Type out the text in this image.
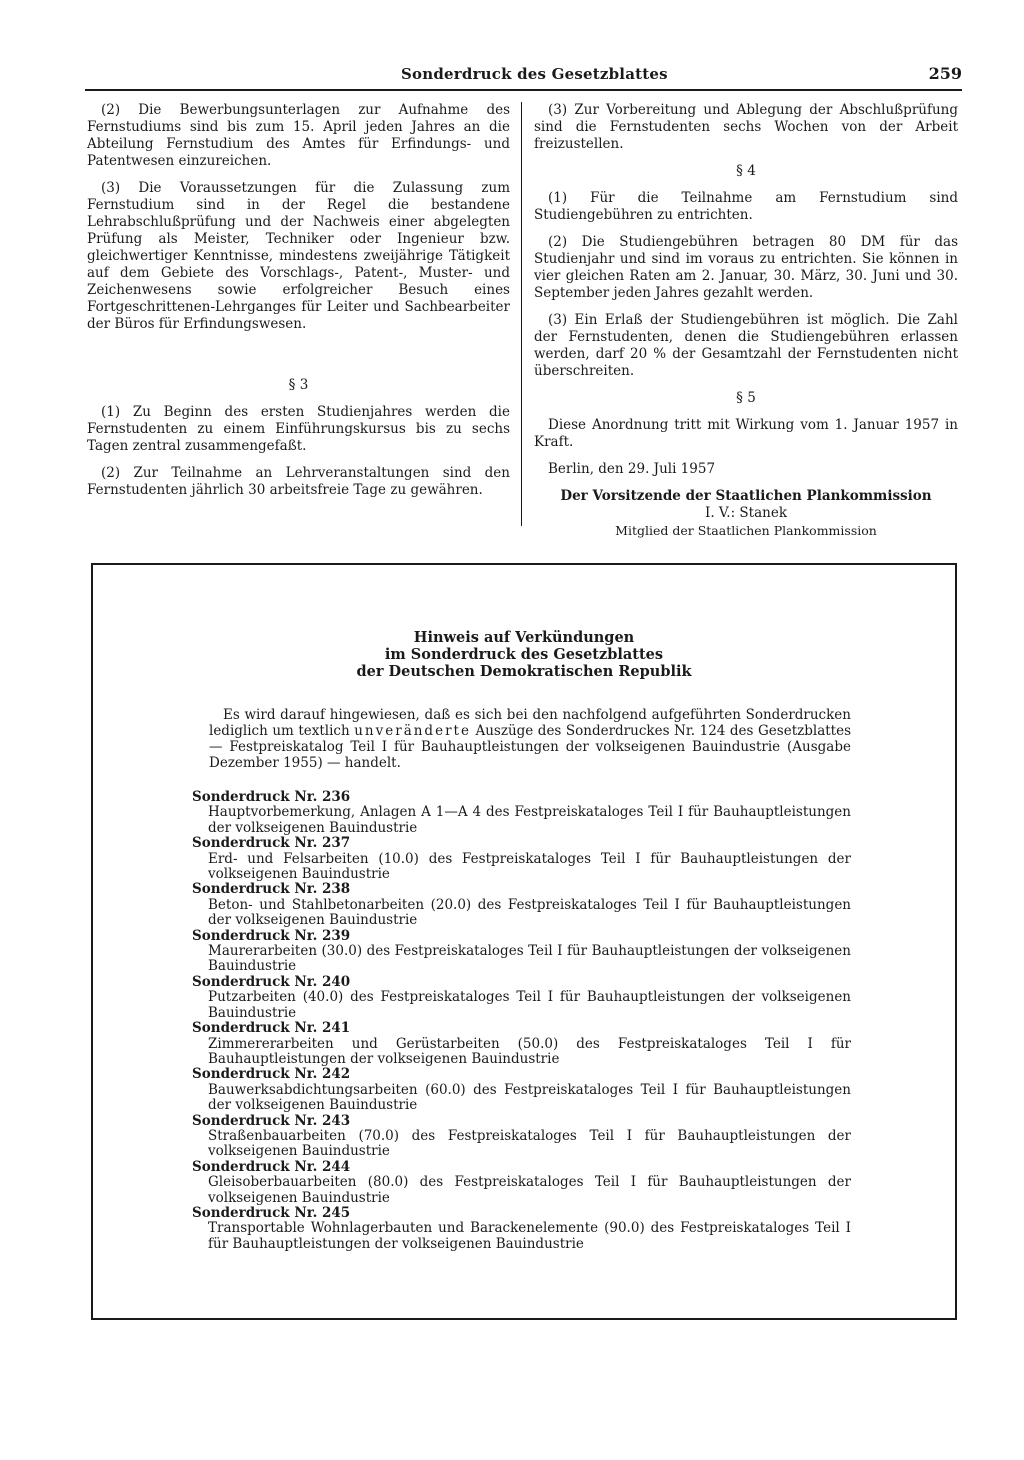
Sonderdruck des Gesetzblattes	259

(2) Die Bewerbungsunterlagen zur Aufnahme des Fernstudiums sind bis zum 15. April jeden Jahres an die Abteilung Fernstudium des Amtes für Erfindungs- und Patentwesen einzureichen.

(3) Die Voraussetzungen für die Zulassung zum Fernstudium sind in der Regel die bestandene Lehrabschlußprüfung und der Nachweis einer abgelegten Prüfung als Meister, Techniker oder Ingenieur bzw. gleichwertiger Kenntnisse, mindestens zweijährige Tätigkeit auf dem Gebiete des Vorschlags-, Patent-, Muster- und Zeichenwesens sowie erfolgreicher Besuch eines Fortgeschrittenen-Lehrganges für Leiter und Sachbearbeiter der Büros für Erfindungswesen.

§ 3

(1) Zu Beginn des ersten Studienjahres werden die Fernstudenten zu einem Einführungskursus bis zu sechs Tagen zentral zusammengefaßt.

(2) Zur Teilnahme an Lehrveranstaltungen sind den Fernstudenten jährlich 30 arbeitsfreie Tage zu gewähren.

(3) Zur Vorbereitung und Ablegung der Abschlußprüfung sind die Fernstudenten sechs Wochen von der Arbeit freizustellen.

§ 4

(1) Für die Teilnahme am Fernstudium sind Studiengebühren zu entrichten.

(2) Die Studiengebühren betragen 80 DM für das Studienjahr und sind im voraus zu entrichten. Sie können in vier gleichen Raten am 2. Januar, 30. März, 30. Juni und 30. September jeden Jahres gezahlt werden.

(3) Ein Erlaß der Studiengebühren ist möglich. Die Zahl der Fernstudenten, denen die Studiengebühren erlassen werden, darf 20 % der Gesamtzahl der Fernstudenten nicht überschreiten.

§ 5

Diese Anordnung tritt mit Wirkung vom 1. Januar 1957 in Kraft.

Berlin, den 29. Juli 1957

Der Vorsitzende der Staatlichen Plankommission
I. V.: Stanek
Mitglied der Staatlichen Plankommission
Hinweis auf Verkündungen
im Sonderdruck des Gesetzblattes
der Deutschen Demokratischen Republik
Es wird darauf hingewiesen, daß es sich bei den nachfolgend aufgeführten Sonderdrucken lediglich um textlich unveränderte Auszüge des Sonderdruckes Nr. 124 des Gesetzblattes — Festpreiskatalog Teil I für Bauhauptleistungen der volkseigenen Bauindustrie (Ausgabe Dezember 1955) — handelt.
Sonderdruck Nr. 236
Hauptvorbemerkung, Anlagen A 1—A 4 des Festpreiskataloges Teil I für Bauhauptleistungen der volkseigenen Bauindustrie
Sonderdruck Nr. 237
Erd- und Felsarbeiten (10.0) des Festpreiskataloges Teil I für Bauhauptleistungen der volkseigenen Bauindustrie
Sonderdruck Nr. 238
Beton- und Stahlbetonarbeiten (20.0) des Festpreiskataloges Teil I für Bauhauptleistungen der volkseigenen Bauindustrie
Sonderdruck Nr. 239
Maurerarbeiten (30.0) des Festpreiskataloges Teil I für Bauhauptleistungen der volkseigenen Bauindustrie
Sonderdruck Nr. 240
Putzarbeiten (40.0) des Festpreiskataloges Teil I für Bauhauptleistungen der volkseigenen Bauindustrie
Sonderdruck Nr. 241
Zimmererarbeiten und Gerüstarbeiten (50.0) des Festpreiskataloges Teil I für Bauhauptleistungen der volkseigenen Bauindustrie
Sonderdruck Nr. 242
Bauwerksabdichtungsarbeiten (60.0) des Festpreiskataloges Teil I für Bauhauptleistungen der volkseigenen Bauindustrie
Sonderdruck Nr. 243
Straßenbauarbeiten (70.0) des Festpreiskataloges Teil I für Bauhauptleistungen der volkseigenen Bauindustrie
Sonderdruck Nr. 244
Gleisoberbauarbeiten (80.0) des Festpreiskataloges Teil I für Bauhauptleistungen der volkseigenen Bauindustrie
Sonderdruck Nr. 245
Transportable Wohnlagerbauten und Barackenelemente (90.0) des Festpreiskataloges Teil I für Bauhauptleistungen der volkseigenen Bauindustrie
